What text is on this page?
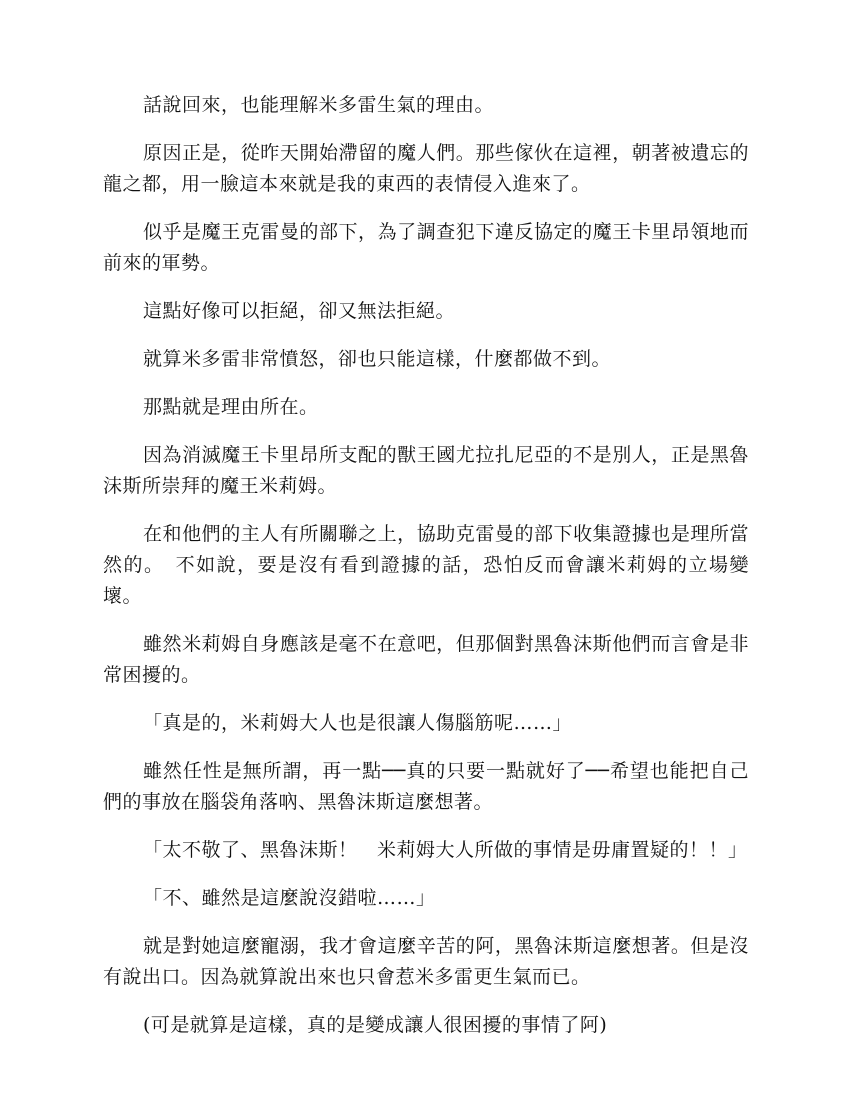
話說回來，也能理解米多雷生氣的理由。

原因正是，從昨天開始滯留的魔人們。那些傢伙在這裡，朝著被遺忘的龍之都，用一臉這本來就是我的東西的表情侵入進來了。

似乎是魔王克雷曼的部下，為了調查犯下違反協定的魔王卡里昂領地而前來的軍勢。

這點好像可以拒絕，卻又無法拒絕。

就算米多雷非常憤怒，卻也只能這樣，什麼都做不到。

那點就是理由所在。

因為消滅魔王卡里昂所支配的獸王國尤拉扎尼亞的不是別人，正是黑魯沫斯所崇拜的魔王米莉姆。

在和他們的主人有所關聯之上，協助克雷曼的部下收集證據也是理所當然的。　不如說，要是沒有看到證據的話，恐怕反而會讓米莉姆的立場變壞。

雖然米莉姆自身應該是毫不在意吧，但那個對黑魯沫斯他們而言會是非常困擾的。

「真是的，米莉姆大人也是很讓人傷腦筋呢……」

雖然任性是無所謂，再一點──真的只要一點就好了──希望也能把自己們的事放在腦袋角落吶、黑魯沫斯這麼想著。

「太不敬了、黑魯沫斯！　米莉姆大人所做的事情是毋庸置疑的！！」

「不、雖然是這麼說沒錯啦……」

就是對她這麼寵溺，我才會這麼辛苦的阿，黑魯沫斯這麼想著。但是沒有說出口。因為就算說出來也只會惹米多雷更生氣而已。

(可是就算是這樣，真的是變成讓人很困擾的事情了阿)
